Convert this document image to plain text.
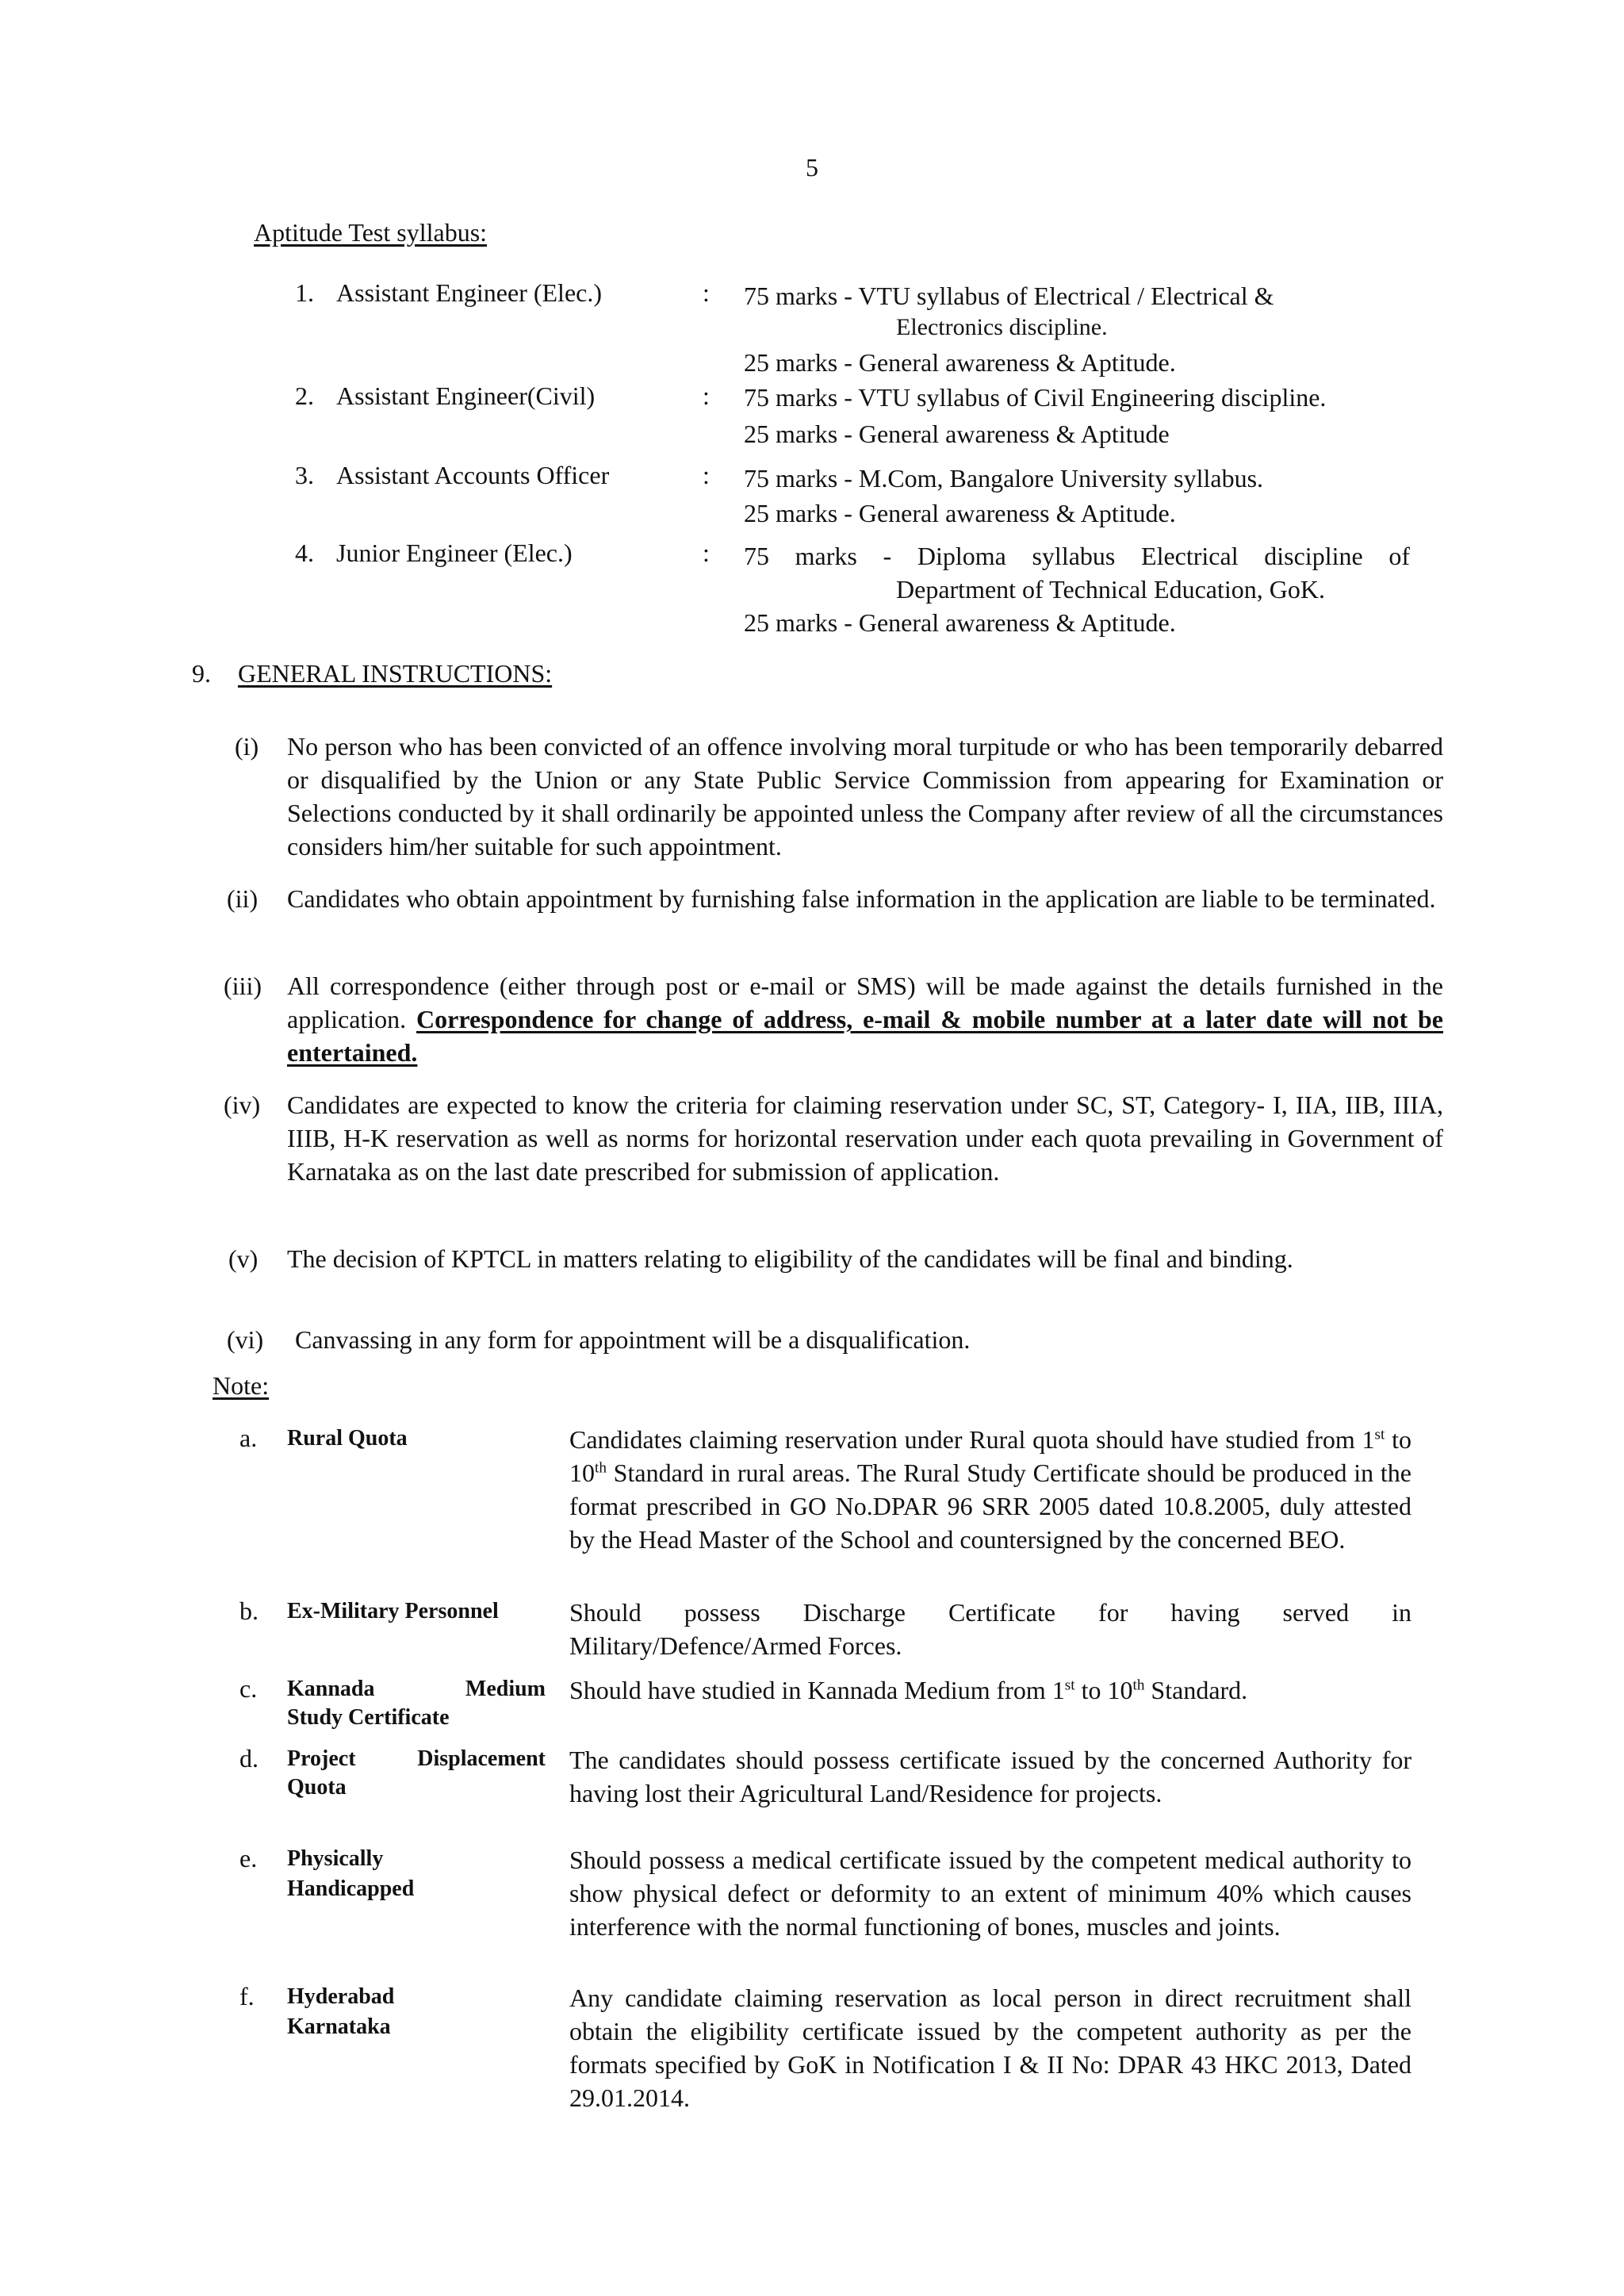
5
Aptitude Test syllabus:
1. Assistant Engineer (Elec.)	: 75 marks - VTU syllabus of Electrical / Electrical &
Electronics discipline.
25 marks - General awareness & Aptitude.
2. Assistant Engineer(Civil)	: 75 marks - VTU syllabus of Civil Engineering discipline.
25 marks - General awareness & Aptitude
3. Assistant Accounts Officer	: 75 marks - M.Com, Bangalore University syllabus.
25 marks - General awareness & Aptitude.
4. Junior Engineer (Elec.)	: 75 marks - Diploma syllabus Electrical discipline of
Department of Technical Education, GoK.
25 marks - General awareness & Aptitude.
9. GENERAL INSTRUCTIONS:
(i) No person who has been convicted of an offence involving moral turpitude or who has been temporarily debarred or disqualified by the Union or any State Public Service Commission from appearing for Examination or Selections conducted by it shall ordinarily be appointed unless the Company after review of all the circumstances considers him/her suitable for such appointment.
(ii) Candidates who obtain appointment by furnishing false information in the application are liable to be terminated.
(iii) All correspondence (either through post or e-mail or SMS) will be made against the details furnished in the application. Correspondence for change of address, e-mail & mobile number at a later date will not be entertained.
(iv) Candidates are expected to know the criteria for claiming reservation under SC, ST, Category- I, IIA, IIB, IIIA, IIIB, H-K reservation as well as norms for horizontal reservation under each quota prevailing in Government of Karnataka as on the last date prescribed for submission of application.
(v) The decision of KPTCL in matters relating to eligibility of the candidates will be final and binding.
(vi) Canvassing in any form for appointment will be a disqualification.
Note:
a. Rural Quota	Candidates claiming reservation under Rural quota should have studied from 1st to 10th Standard in rural areas. The Rural Study Certificate should be produced in the format prescribed in GO No.DPAR 96 SRR 2005 dated 10.8.2005, duly attested by the Head Master of the School and countersigned by the concerned BEO.
b. Ex-Military Personnel	Should possess Discharge Certificate for having served in Military/Defence/Armed Forces.
c. Kannada Medium
Study Certificate
Should have studied in Kannada Medium from 1st to 10th Standard.
d. Project Displacement
Quota
The candidates should possess certificate issued by the concerned Authority for having lost their Agricultural Land/Residence for projects.
e. Physically
Handicapped
Should possess a medical certificate issued by the competent medical authority to show physical defect or deformity to an extent of minimum 40% which causes interference with the normal functioning of bones, muscles and joints.
f. Hyderabad
Karnataka
Any candidate claiming reservation as local person in direct recruitment shall obtain the eligibility certificate issued by the competent authority as per the formats specified by GoK in Notification I & II No: DPAR 43 HKC 2013, Dated 29.01.2014.
